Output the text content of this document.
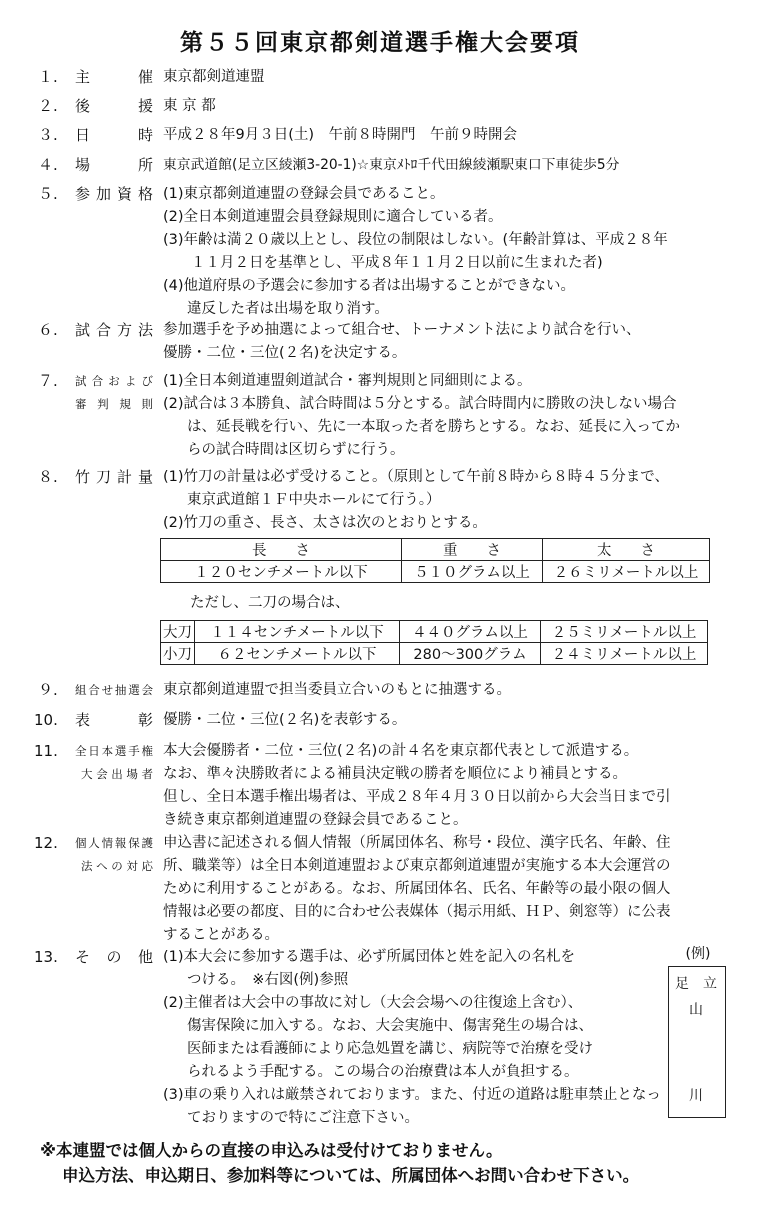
第５５回東京都剣道選手権大会要項
１. 主　催 東京都剣道連盟
２. 後　援 東 京 都
３. 日　時 平成２８年9月３日(土)　午前８時開門　午前９時開会
４. 場　所 東京武道館(足立区綾瀬3-20-1)☆東京ﾒﾄﾛ千代田線綾瀬駅東口下車徒歩5分
５. 参加資格 (1)東京都剣道連盟の登録会員であること。
(2)全日本剣道連盟会員登録規則に適合している者。
(3)年齢は満２０歳以上とし、段位の制限はしない。(年齢計算は、平成２８年
１１月２日を基準とし、平成８年１１月２日以前に生まれた者)
(4)他道府県の予選会に参加する者は出場することができない。
違反した者は出場を取り消す。
６. 試合方法 参加選手を予め抽選によって組合せ、トーナメント法により試合を行い、
優勝・二位・三位(２名)を決定する。
７. 試合および
審 判 規 則
(1)全日本剣道連盟剣道試合・審判規則と同細則による。
(2)試合は３本勝負、試合時間は５分とする。試合時間内に勝敗の決しない場合
は、延長戦を行い、先に一本取った者を勝ちとする。なお、延長に入ってか
らの試合時間は区切らずに行う。
８. 竹刀計量 (1)竹刀の計量は必ず受けること。（原則として午前８時から８時４５分まで、
東京武道館１Ｆ中央ホールにて行う。）
(2)竹刀の重さ、長さ、太さは次のとおりとする。
長　　さ	重　　さ	太　　さ
１２０センチメートル以下	５１０グラム以上	２６ミリメートル以上
ただし、二刀の場合は、
大刀	１１４センチメートル以下	４４０グラム以上	２５ミリメートル以上
小刀	６２センチメートル以下	280～300グラム	２４ミリメートル以上
９. 組合せ抽選会 東京都剣道連盟で担当委員立合いのもとに抽選する。
10. 表　彰 優勝・二位・三位(２名)を表彰する。
11. 全日本選手権
大会出場者
本大会優勝者・二位・三位(２名)の計４名を東京都代表として派遣する。
なお、準々決勝敗者による補員決定戦の勝者を順位により補員とする。
但し、全日本選手権出場者は、平成２８年４月３０日以前から大会当日まで引
き続き東京都剣道連盟の登録会員であること。
12. 個人情報保護
法への対応
申込書に記述される個人情報（所属団体名、称号・段位、漢字氏名、年齢、住
所、職業等）は全日本剣道連盟および東京都剣道連盟が実施する本大会運営の
ために利用することがある。なお、所属団体名、氏名、年齢等の最小限の個人
情報は必要の都度、目的に合わせ公表媒体（掲示用紙、ＨＰ、剣窓等）に公表
することがある。
13. そ　の　他 (1)本大会に参加する選手は、必ず所属団体と姓を記入の名札を
つける。　※右図(例)参照
(2)主催者は大会中の事故に対し（大会会場への往復途上含む）、
傷害保険に加入する。なお、大会実施中、傷害発生の場合は、
医師または看護師により応急処置を講じ、病院等で治療を受け
られるよう手配する。この場合の治療費は本人が負担する。
(3)車の乗り入れは厳禁されております。また、付近の道路は駐車禁止となっ
ておりますので特にご注意下さい。
(例)
足 立
山
川
※本連盟では個人からの直接の申込みは受付けておりません。
申込方法、申込期日、参加料等については、所属団体へお問い合わせ下さい。
